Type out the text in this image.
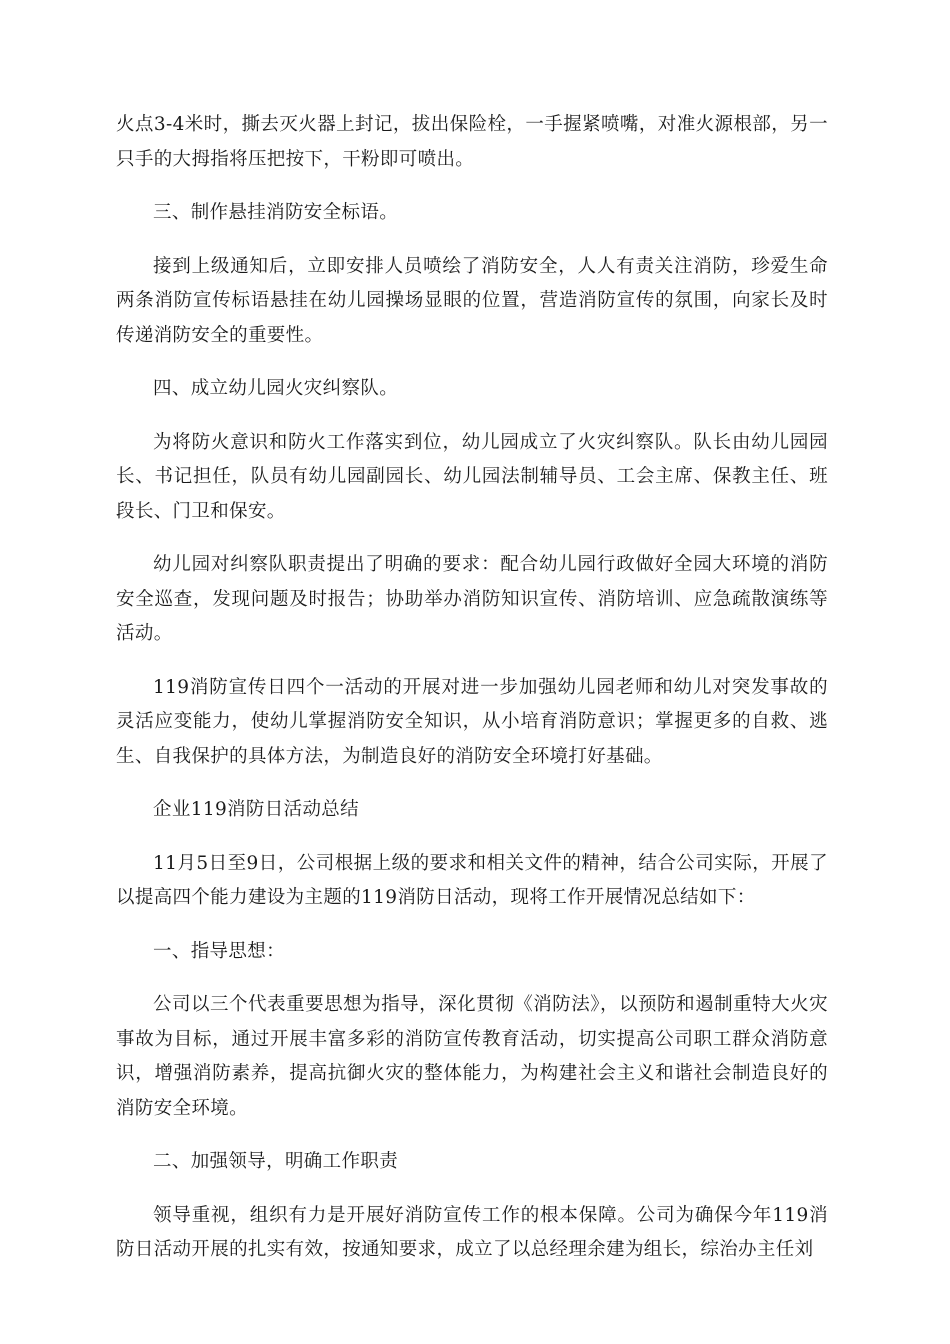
火点3-4米时，撕去灭火器上封记，拔出保险栓，一手握紧喷嘴，对准火源根部，另一只手的大拇指将压把按下，干粉即可喷出。

三、制作悬挂消防安全标语。

接到上级通知后，立即安排人员喷绘了消防安全，人人有责关注消防，珍爱生命两条消防宣传标语悬挂在幼儿园操场显眼的位置，营造消防宣传的氛围，向家长及时传递消防安全的重要性。

四、成立幼儿园火灾纠察队。

为将防火意识和防火工作落实到位，幼儿园成立了火灾纠察队。队长由幼儿园园长、书记担任，队员有幼儿园副园长、幼儿园法制辅导员、工会主席、保教主任、班段长、门卫和保安。

幼儿园对纠察队职责提出了明确的要求：配合幼儿园行政做好全园大环境的消防安全巡查，发现问题及时报告；协助举办消防知识宣传、消防培训、应急疏散演练等活动。

119消防宣传日四个一活动的开展对进一步加强幼儿园老师和幼儿对突发事故的灵活应变能力，使幼儿掌握消防安全知识，从小培育消防意识；掌握更多的自救、逃生、自我保护的具体方法，为制造良好的消防安全环境打好基础。

企业119消防日活动总结

11月5日至9日，公司根据上级的要求和相关文件的精神，结合公司实际，开展了以提高四个能力建设为主题的119消防日活动，现将工作开展情况总结如下：

一、指导思想：

公司以三个代表重要思想为指导，深化贯彻《消防法》，以预防和遏制重特大火灾事故为目标，通过开展丰富多彩的消防宣传教育活动，切实提高公司职工群众消防意识，增强消防素养，提高抗御火灾的整体能力，为构建社会主义和谐社会制造良好的消防安全环境。

二、加强领导，明确工作职责

领导重视，组织有力是开展好消防宣传工作的根本保障。公司为确保今年119消防日活动开展的扎实有效，按通知要求，成立了以总经理余建为组长，综治办主任刘
